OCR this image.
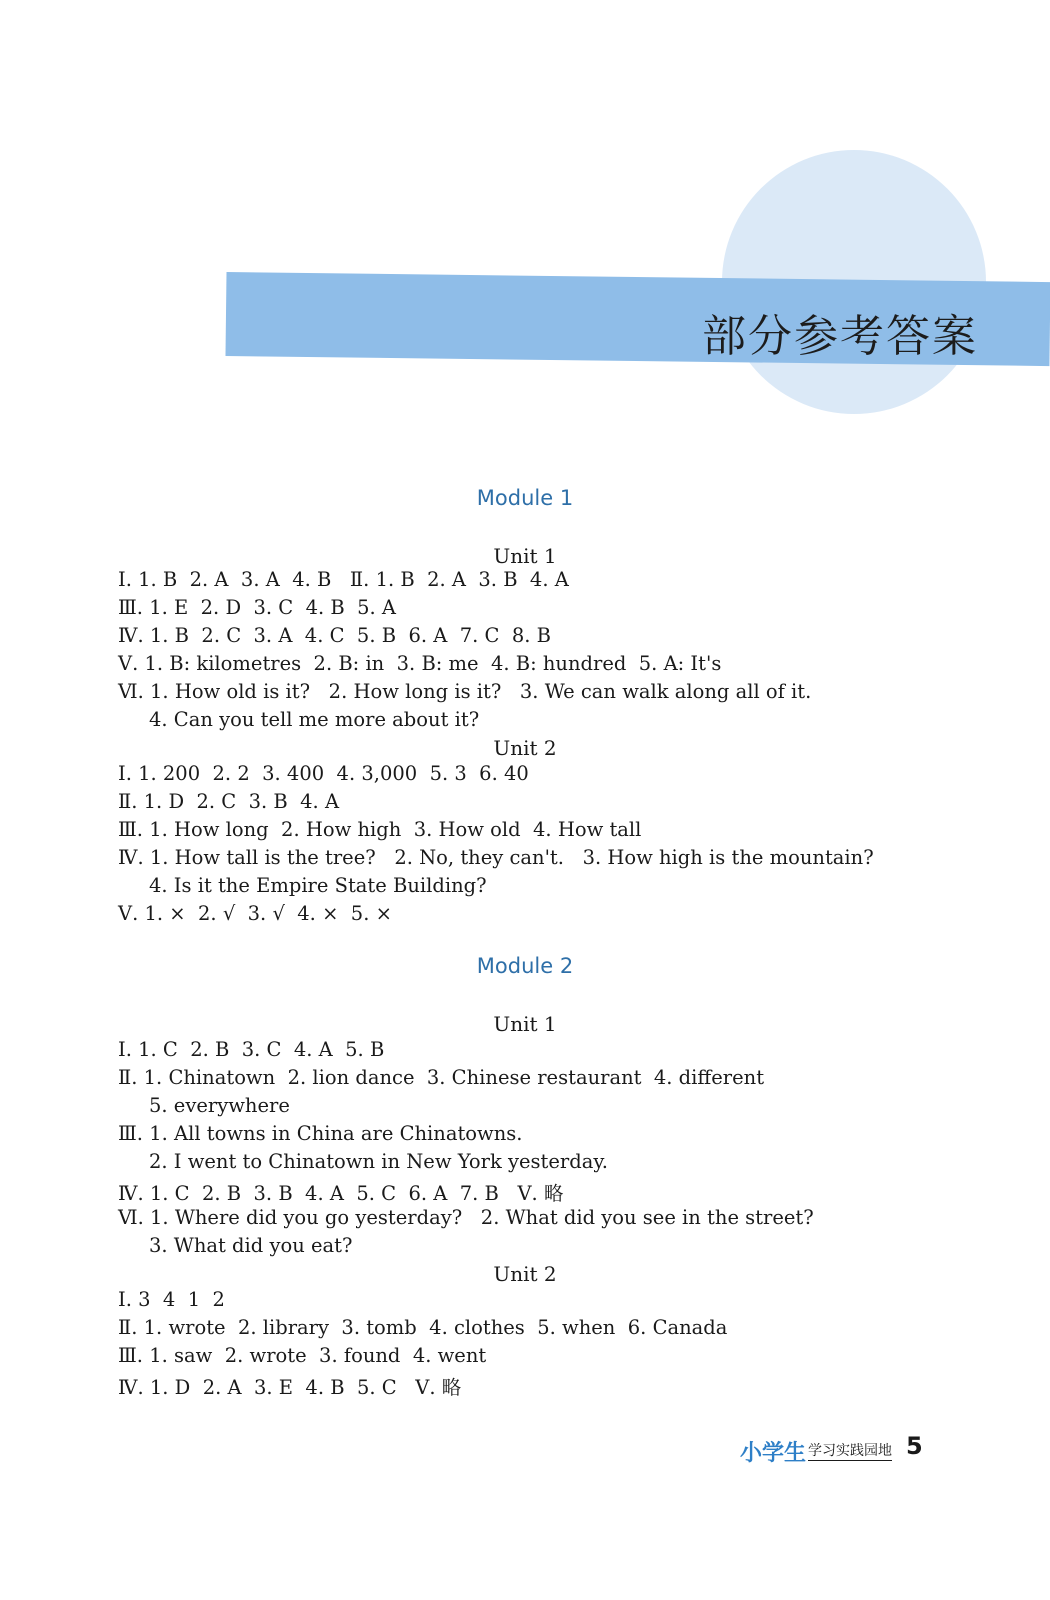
部分参考答案
Module 1
Unit 1
Ⅰ. 1. B  2. A  3. A  4. B   Ⅱ. 1. B  2. A  3. B  4. A
Ⅲ. 1. E  2. D  3. C  4. B  5. A
Ⅳ. 1. B  2. C  3. A  4. C  5. B  6. A  7. C  8. B
Ⅴ. 1. B: kilometres  2. B: in  3. B: me  4. B: hundred  5. A: It's
Ⅵ. 1. How old is it?   2. How long is it?   3. We can walk along all of it.
4. Can you tell me more about it?
Unit 2
Ⅰ. 1. 200  2. 2  3. 400  4. 3,000  5. 3  6. 40
Ⅱ. 1. D  2. C  3. B  4. A
Ⅲ. 1. How long  2. How high  3. How old  4. How tall
Ⅳ. 1. How tall is the tree?   2. No, they can't.   3. How high is the mountain?
4. Is it the Empire State Building?
Ⅴ. 1. ×  2. √  3. √  4. ×  5. ×
Module 2
Unit 1
Ⅰ. 1. C  2. B  3. C  4. A  5. B
Ⅱ. 1. Chinatown  2. lion dance  3. Chinese restaurant  4. different
5. everywhere
Ⅲ. 1. All towns in China are Chinatowns.
2. I went to Chinatown in New York yesterday.
Ⅳ. 1. C  2. B  3. B  4. A  5. C  6. A  7. B   Ⅴ. 略
Ⅵ. 1. Where did you go yesterday?   2. What did you see in the street?
3. What did you eat?
Unit 2
Ⅰ. 3  4  1  2
Ⅱ. 1. wrote  2. library  3. tomb  4. clothes  5. when  6. Canada
Ⅲ. 1. saw  2. wrote  3. found  4. went
Ⅳ. 1. D  2. A  3. E  4. B  5. C   Ⅴ. 略
小学生 学习实践园地 5
